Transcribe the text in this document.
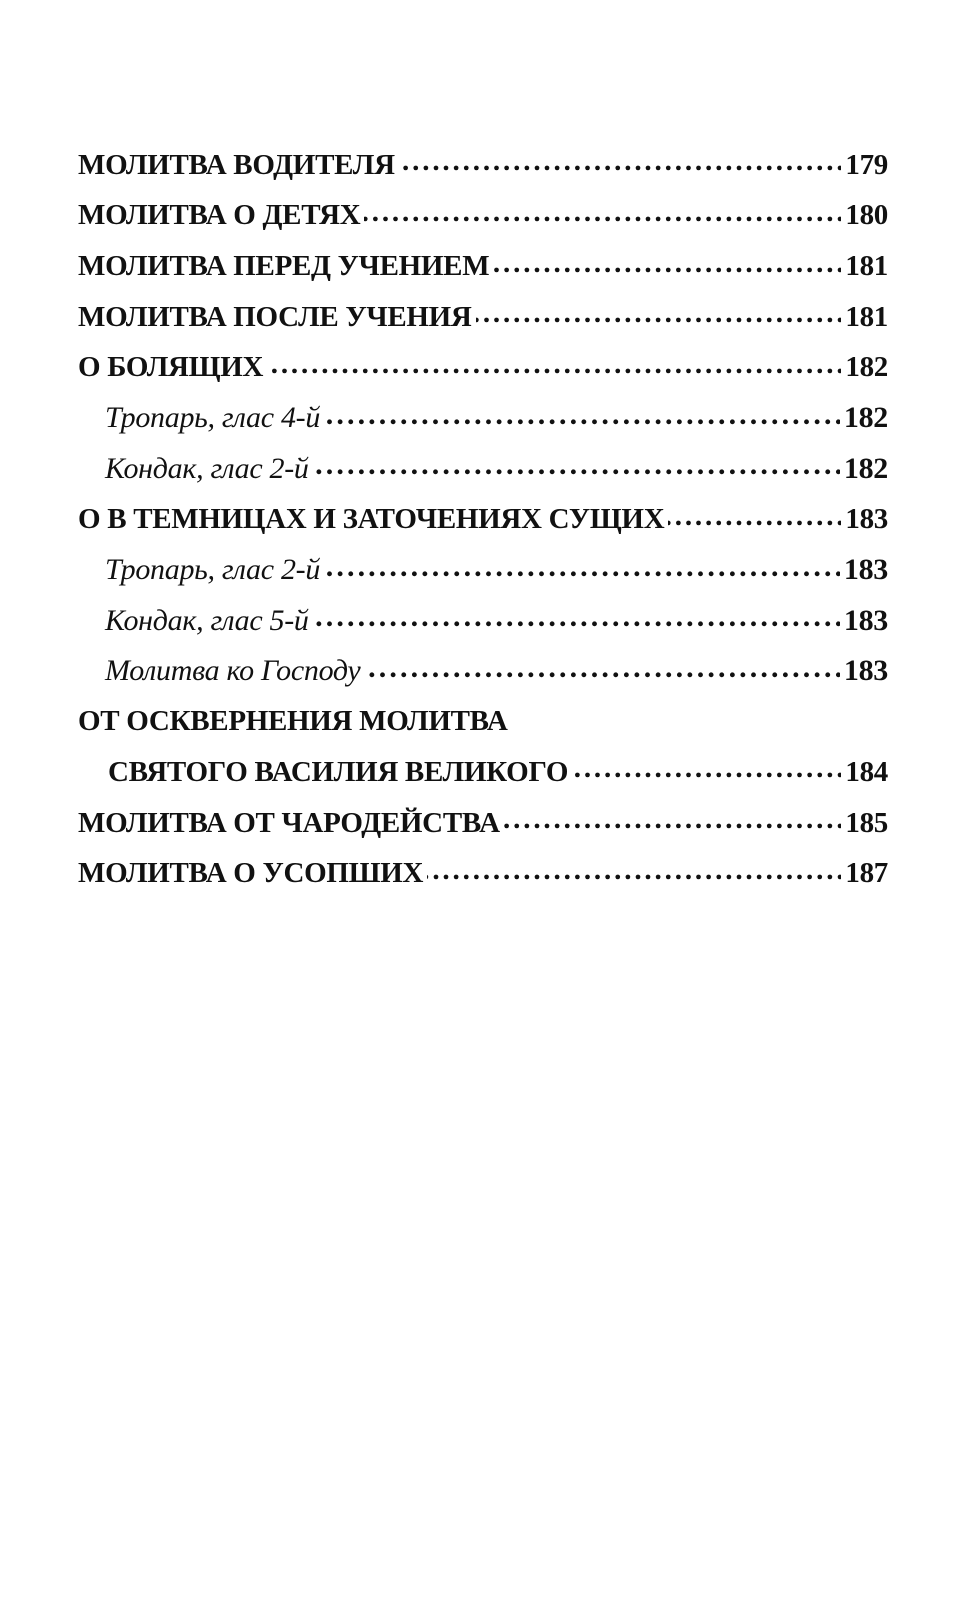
МОЛИТВА ВОДИТЕЛЯ . . .	179
МОЛИТВА О ДЕТЯХ . . .	180
МОЛИТВА ПЕРЕД УЧЕНИЕМ . . .	181
МОЛИТВА ПОСЛЕ УЧЕНИЯ . . .	181
О БОЛЯЩИХ . . .	182
Тропарь, глас 4-й . . .	182
Кондак, глас 2-й . . .	182
О В ТЕМНИЦАХ И ЗАТОЧЕНИЯХ СУЩИХ . . .	183
Тропарь, глас 2-й . . .	183
Кондак, глас 5-й . . .	183
Молитва ко Господу . . .	183
ОТ ОСКВЕРНЕНИЯ МОЛИТВА
СВЯТОГО ВАСИЛИЯ ВЕЛИКОГО . . .	184
МОЛИТВА ОТ ЧАРОДЕЙСТВА . . .	185
МОЛИТВА О УСОПШИХ . . .	187
